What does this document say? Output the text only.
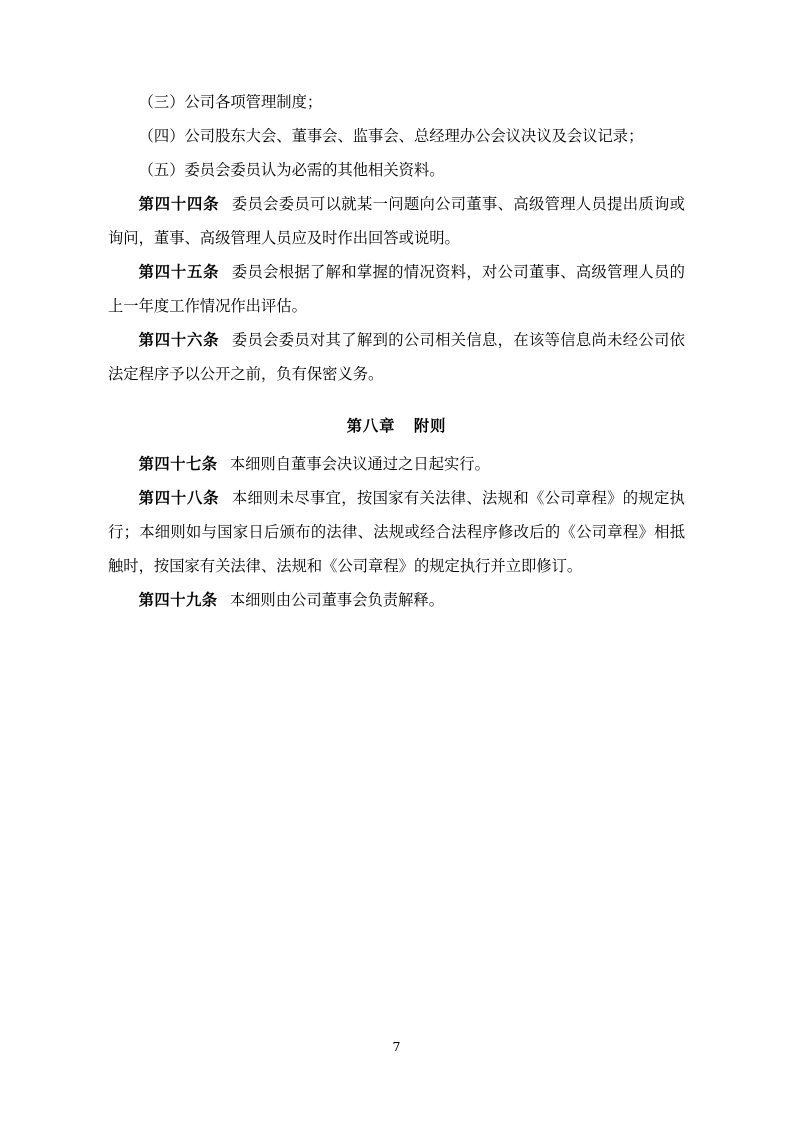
（三）公司各项管理制度；

（四）公司股东大会、董事会、监事会、总经理办公会议决议及会议记录；

（五）委员会委员认为必需的其他相关资料。

第四十四条 委员会委员可以就某一问题向公司董事、高级管理人员提出质询或询问，董事、高级管理人员应及时作出回答或说明。

第四十五条 委员会根据了解和掌握的情况资料，对公司董事、高级管理人员的上一年度工作情况作出评估。

第四十六条 委员会委员对其了解到的公司相关信息，在该等信息尚未经公司依法定程序予以公开之前，负有保密义务。

第八章 附则

第四十七条 本细则自董事会决议通过之日起实行。

第四十八条 本细则未尽事宜，按国家有关法律、法规和《公司章程》的规定执行；本细则如与国家日后颁布的法律、法规或经合法程序修改后的《公司章程》相抵触时，按国家有关法律、法规和《公司章程》的规定执行并立即修订。

第四十九条 本细则由公司董事会负责解释。

7
